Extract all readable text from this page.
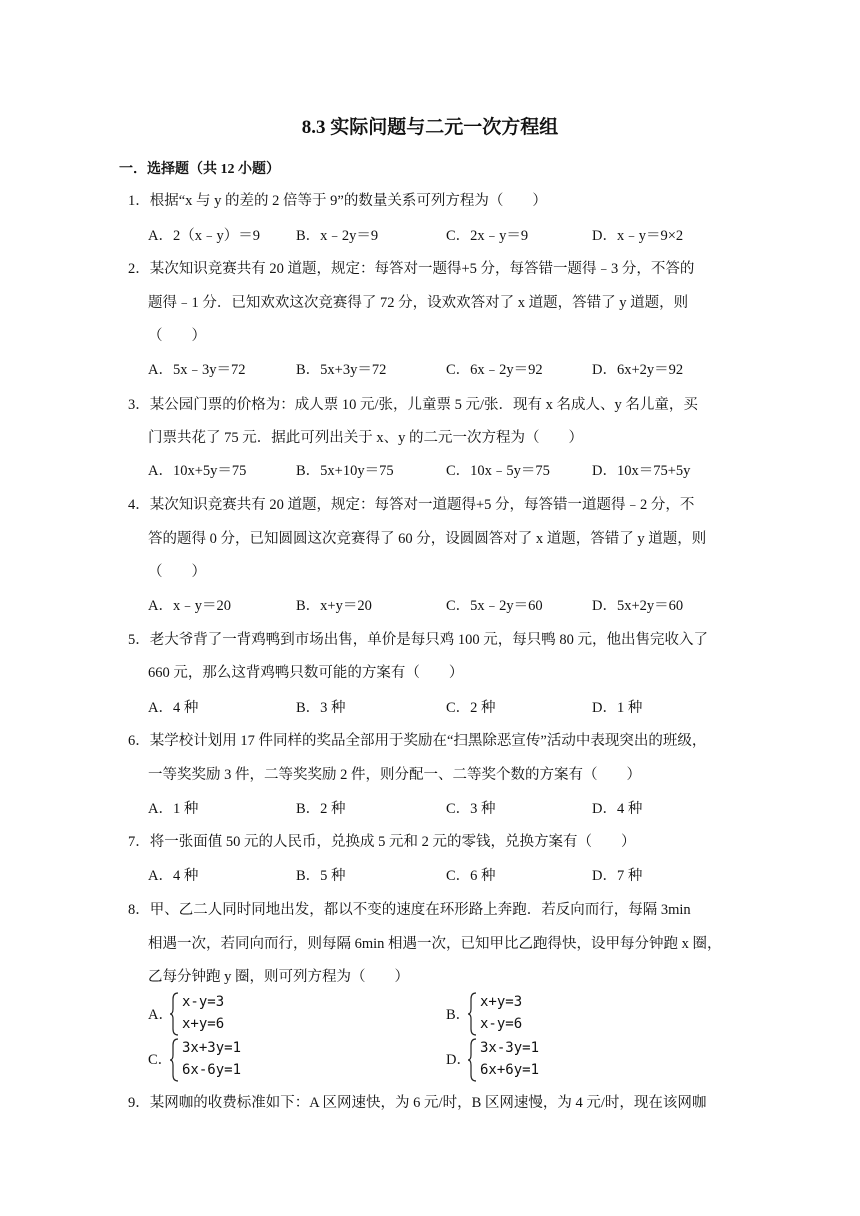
8.3 实际问题与二元一次方程组
一．选择题（共 12 小题）
1．根据“x 与 y 的差的 2 倍等于 9”的数量关系可列方程为（　　）
A．2（x﹣y）＝9 B．x﹣2y＝9	C．2x﹣y＝9	D．x﹣y＝9×2
2．某次知识竞赛共有 20 道题，规定：每答对一题得+5 分，每答错一题得﹣3 分，不答的
题得﹣1 分．已知欢欢这次竞赛得了 72 分，设欢欢答对了 x 道题，答错了 y 道题，则
（　　）
A．5x﹣3y＝72	B．5x+3y＝72	C．6x﹣2y＝92	D．6x+2y＝92
3．某公园门票的价格为：成人票 10 元/张，儿童票 5 元/张．现有 x 名成人、y 名儿童，买
门票共花了 75 元．据此可列出关于 x、y 的二元一次方程为（　　）
A．10x+5y＝75	B．5x+10y＝75	C．10x﹣5y＝75	D．10x＝75+5y
4．某次知识竞赛共有 20 道题，规定：每答对一道题得+5 分，每答错一道题得﹣2 分，不
答的题得 0 分，已知圆圆这次竞赛得了 60 分，设圆圆答对了 x 道题，答错了 y 道题，则
（　　）
A．x﹣y＝20	B．x+y＝20	C．5x﹣2y＝60	D．5x+2y＝60
5．老大爷背了一背鸡鸭到市场出售，单价是每只鸡 100 元，每只鸭 80 元，他出售完收入了
660 元，那么这背鸡鸭只数可能的方案有（　　）
A．4 种	B．3 种	C．2 种	D．1 种
6．某学校计划用 17 件同样的奖品全部用于奖励在“扫黑除恶宣传”活动中表现突出的班级，
一等奖奖励 3 件，二等奖奖励 2 件，则分配一、二等奖个数的方案有（　　）
A．1 种	B．2 种	C．3 种	D．4 种
7．将一张面值 50 元的人民币，兑换成 5 元和 2 元的零钱，兑换方案有（　　）
A．4 种	B．5 种	C．6 种	D．7 种
8．甲、乙二人同时同地出发，都以不变的速度在环形路上奔跑．若反向而行，每隔 3min
相遇一次，若同向而行，则每隔 6min 相遇一次，已知甲比乙跑得快，设甲每分钟跑 x 圈，
乙每分钟跑 y 圈，则可列方程为（　　）
A．
x-y=3
x+y=6
B．
x+y=3
x-y=6
C．
3x+3y=1
6x-6y=1
D．
3x-3y=1
6x+6y=1
9．某网咖的收费标准如下：A 区网速快，为 6 元/时，B 区网速慢，为 4 元/时，现在该网咖
